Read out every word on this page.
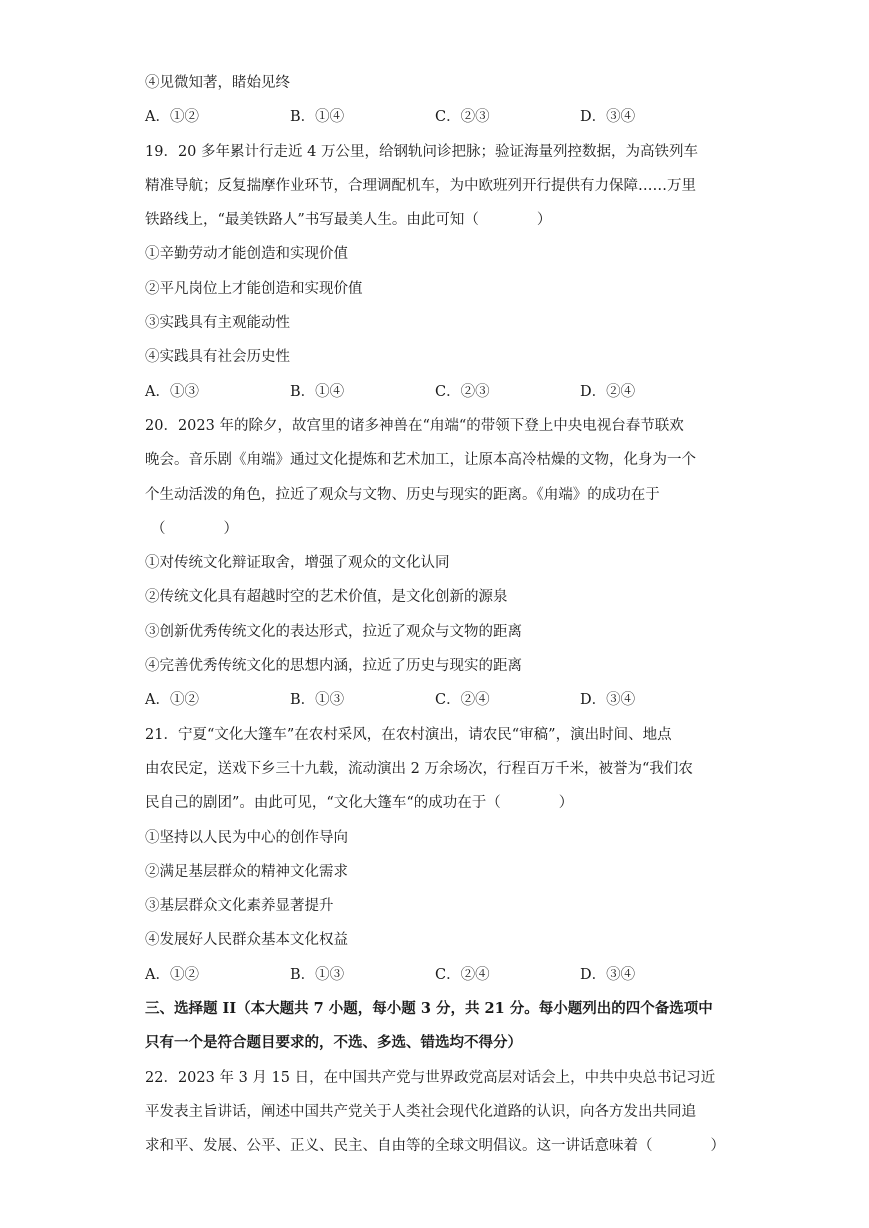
④见微知著，睹始见终
A．①②	B．①④	C．②③	D．③④
19．20 多年累计行走近 4 万公里，给钢轨问诊把脉；验证海量列控数据，为高铁列车
精准导航；反复揣摩作业环节，合理调配机车，为中欧班列开行提供有力保障……万里
铁路线上，“最美铁路人”书写最美人生。由此可知（　　　　）
①辛勤劳动才能创造和实现价值
②平凡岗位上才能创造和实现价值
③实践具有主观能动性
④实践具有社会历史性
A．①③	B．①④	C．②③	D．②④
20．2023 年的除夕，故宫里的诸多神兽在“甪端“的带领下登上中央电视台春节联欢
晚会。音乐剧《甪端》通过文化提炼和艺术加工，让原本高冷枯燥的文物，化身为一个
个生动活泼的角色，拉近了观众与文物、历史与现实的距离。《甪端》的成功在于
（　　　　）
①对传统文化辩证取舍，增强了观众的文化认同
②传统文化具有超越时空的艺术价值，是文化创新的源泉
③创新优秀传统文化的表达形式，拉近了观众与文物的距离
④完善优秀传统文化的思想内涵，拉近了历史与现实的距离
A．①②	B．①③	C．②④	D．③④
21．宁夏“文化大篷车”在农村采风，在农村演出，请农民“审稿”，演出时间、地点
由农民定，送戏下乡三十九载，流动演出 2 万余场次，行程百万千米，被誉为“我们农
民自己的剧团”。由此可见，“文化大篷车“的成功在于（　　　　）
①坚持以人民为中心的创作导向
②满足基层群众的精神文化需求
③基层群众文化素养显著提升
④发展好人民群众基本文化权益
A．①②	B．①③	C．②④	D．③④
三、选择题 II（本大题共 7 小题，每小题 3 分，共 21 分。每小题列出的四个备选项中
只有一个是符合题目要求的，不选、多选、错选均不得分）
22．2023 年 3 月 15 日，在中国共产党与世界政党高层对话会上，中共中央总书记习近
平发表主旨讲话，阐述中国共产党关于人类社会现代化道路的认识，向各方发出共同追
求和平、发展、公平、正义、民主、自由等的全球文明倡议。这一讲话意味着（　　　　）
